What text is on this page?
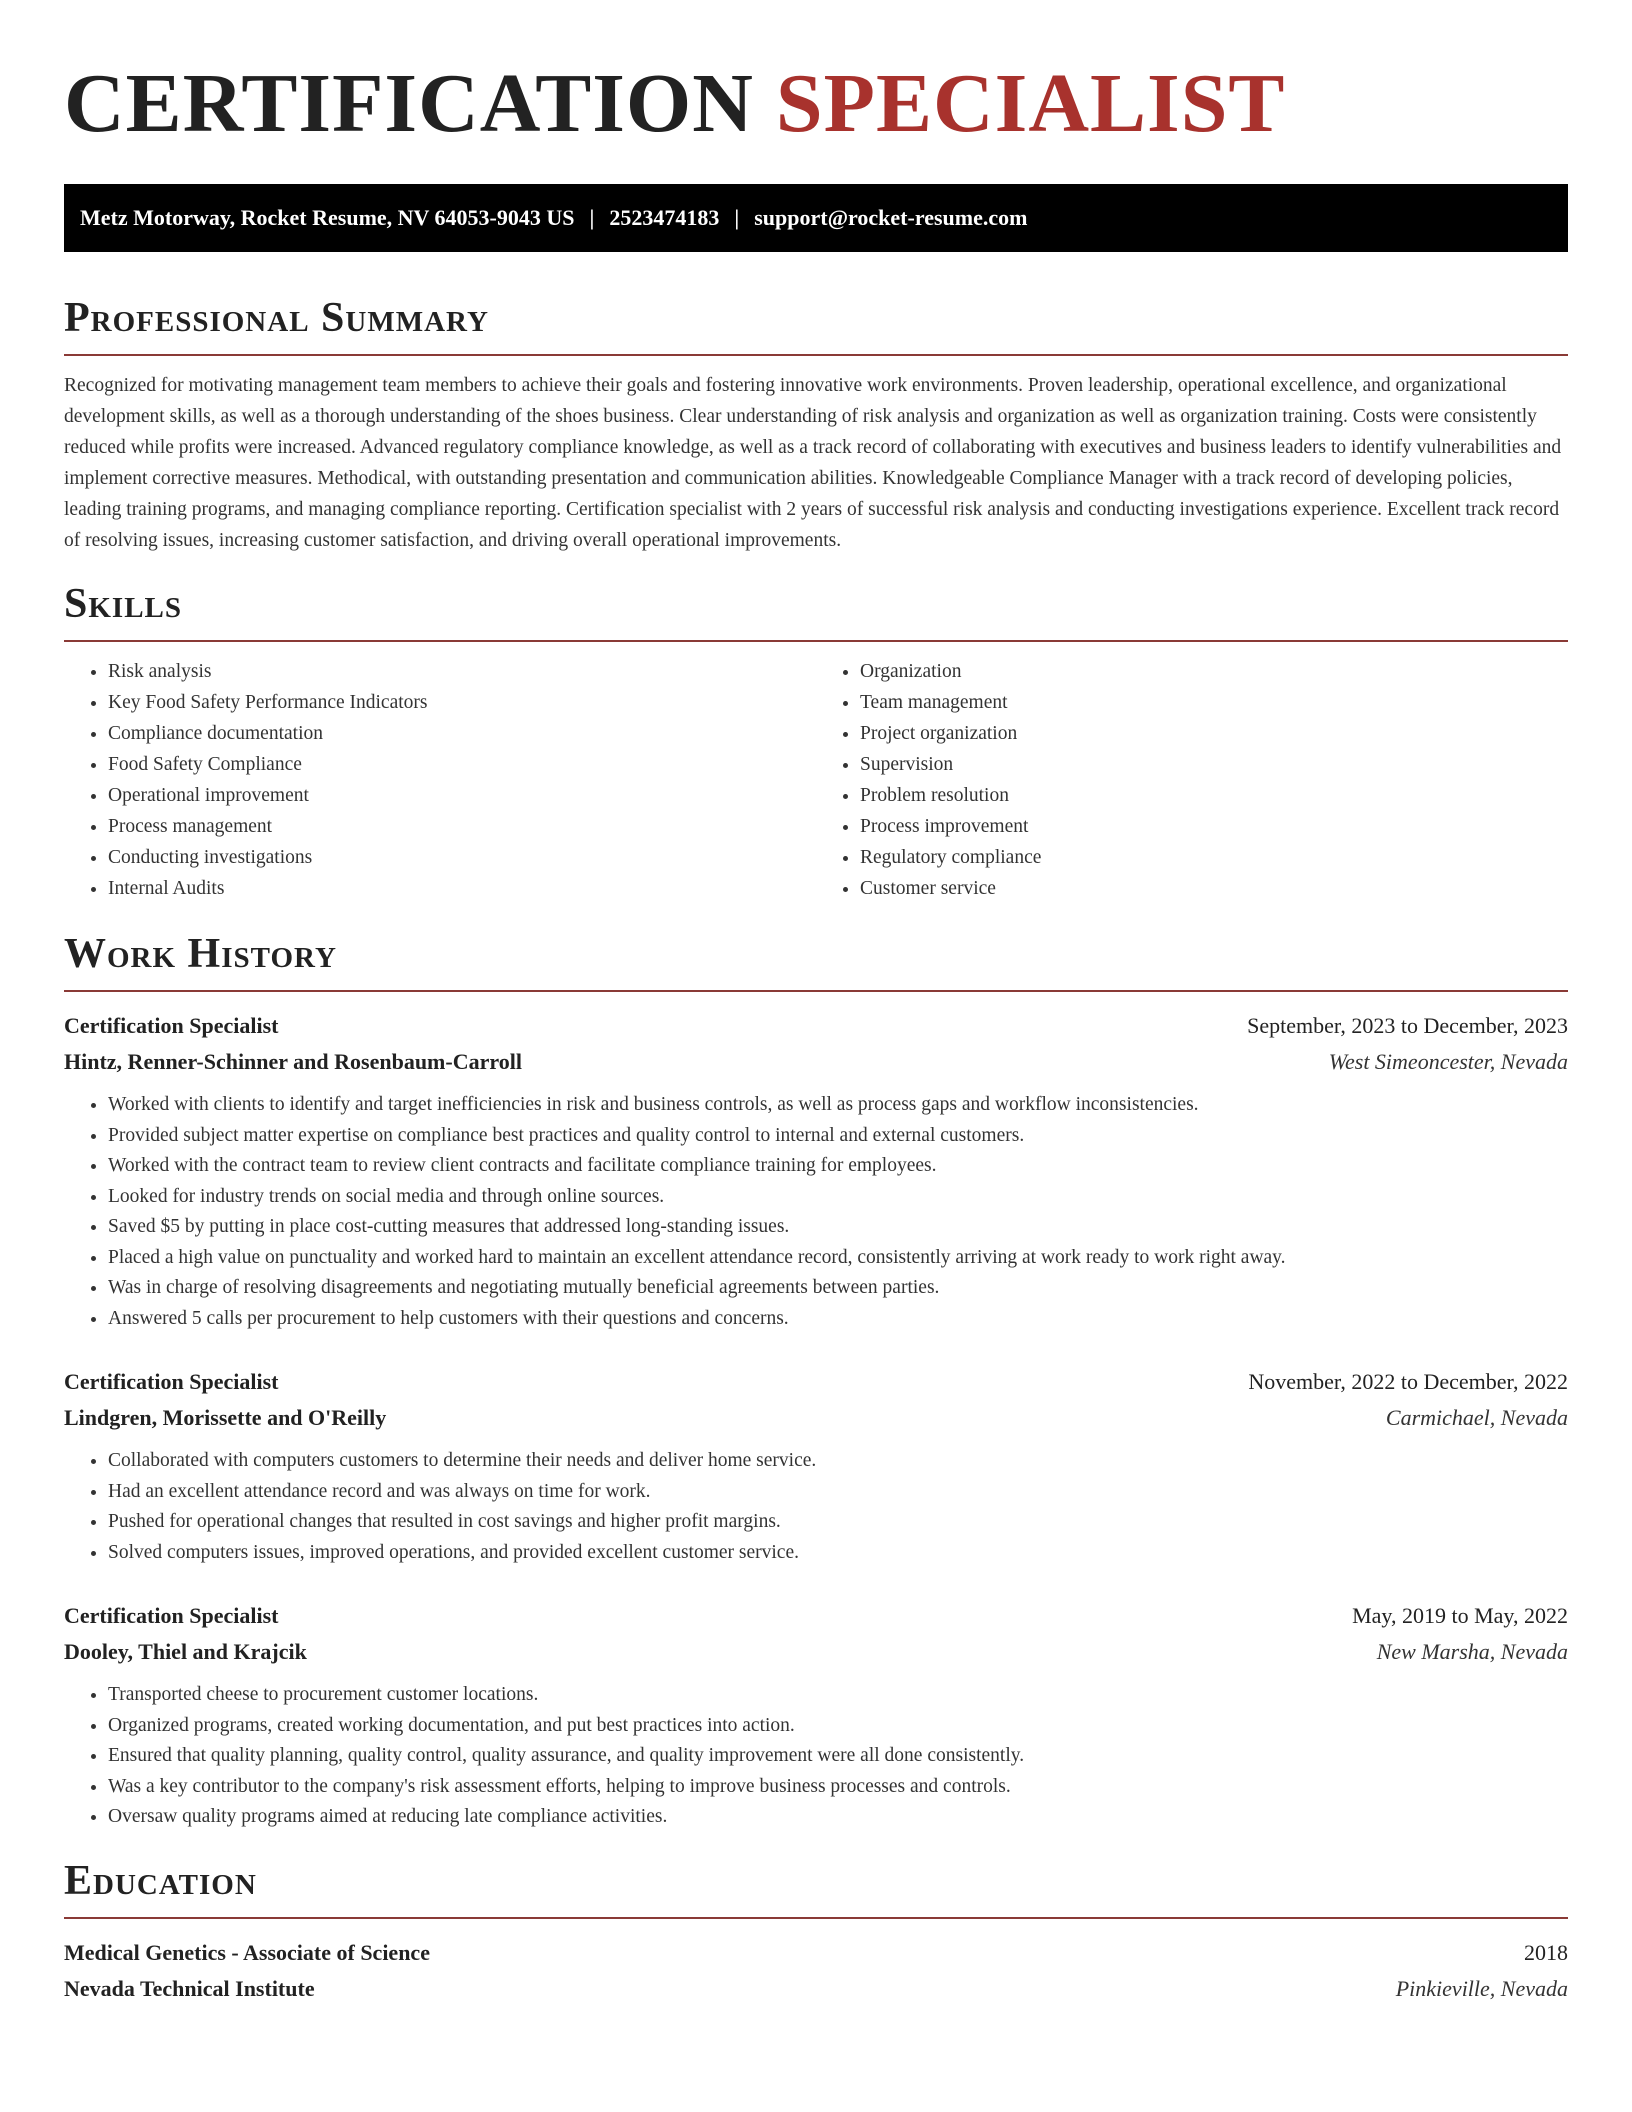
CERTIFICATION SPECIALIST
Metz Motorway, Rocket Resume, NV 64053-9043 US | 2523474183 | support@rocket-resume.com
Professional Summary

Recognized for motivating management team members to achieve their goals and fostering innovative work environments. Proven leadership, operational excellence, and organizational development skills, as well as a thorough understanding of the shoes business. Clear understanding of risk analysis and organization as well as organization training. Costs were consistently reduced while profits were increased. Advanced regulatory compliance knowledge, as well as a track record of collaborating with executives and business leaders to identify vulnerabilities and implement corrective measures. Methodical, with outstanding presentation and communication abilities. Knowledgeable Compliance Manager with a track record of developing policies, leading training programs, and managing compliance reporting. Certification specialist with 2 years of successful risk analysis and conducting investigations experience. Excellent track record of resolving issues, increasing customer satisfaction, and driving overall operational improvements.

Skills
• Risk analysis
• Key Food Safety Performance Indicators
• Compliance documentation
• Food Safety Compliance
• Operational improvement
• Process management
• Conducting investigations
• Internal Audits
• Organization
• Team management
• Project organization
• Supervision
• Problem resolution
• Process improvement
• Regulatory compliance
• Customer service
Work History
Certification Specialist	September, 2023 to December, 2023
Hintz, Renner-Schinner and Rosenbaum-Carroll	West Simeoncester, Nevada
• Worked with clients to identify and target inefficiencies in risk and business controls, as well as process gaps and workflow inconsistencies.
• Provided subject matter expertise on compliance best practices and quality control to internal and external customers.
• Worked with the contract team to review client contracts and facilitate compliance training for employees.
• Looked for industry trends on social media and through online sources.
• Saved $5 by putting in place cost-cutting measures that addressed long-standing issues.
• Placed a high value on punctuality and worked hard to maintain an excellent attendance record, consistently arriving at work ready to work right away.
• Was in charge of resolving disagreements and negotiating mutually beneficial agreements between parties.
• Answered 5 calls per procurement to help customers with their questions and concerns.
Certification Specialist	November, 2022 to December, 2022
Lindgren, Morissette and O'Reilly	Carmichael, Nevada
• Collaborated with computers customers to determine their needs and deliver home service.
• Had an excellent attendance record and was always on time for work.
• Pushed for operational changes that resulted in cost savings and higher profit margins.
• Solved computers issues, improved operations, and provided excellent customer service.
Certification Specialist	May, 2019 to May, 2022
Dooley, Thiel and Krajcik	New Marsha, Nevada
• Transported cheese to procurement customer locations.
• Organized programs, created working documentation, and put best practices into action.
• Ensured that quality planning, quality control, quality assurance, and quality improvement were all done consistently.
• Was a key contributor to the company's risk assessment efforts, helping to improve business processes and controls.
• Oversaw quality programs aimed at reducing late compliance activities.
Education
Medical Genetics - Associate of Science	2018
Nevada Technical Institute	Pinkieville, Nevada
